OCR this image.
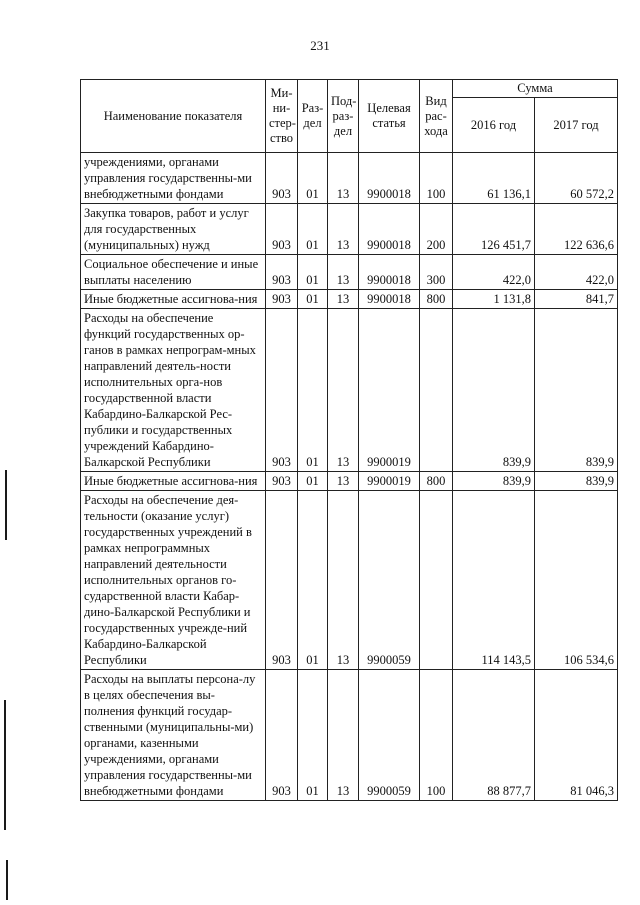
231
Наименование показателя	Ми-ни-стер-ство	Раз-дел	Под-раз-дел	Целевая статья	Вид рас-хода	Сумма	
						2016 год	2017 год
учреждениями, органами управления государственны-ми внебюджетными фондами	903	01	13	9900018	100	61 136,1	60 572,2
Закупка товаров, работ и услуг для государственных (муниципальных) нужд	903	01	13	9900018	200	126 451,7	122 636,6
Социальное обеспечение и иные выплаты населению	903	01	13	9900018	300	422,0	422,0
Иные бюджетные ассигнова-ния	903	01	13	9900018	800	1 131,8	841,7
Расходы на обеспечение функций государственных ор-ганов в рамках непрограм-мных направлений деятель-ности исполнительных орга-нов государственной власти Кабардино-Балкарской Рес-публики и государственных учреждений Кабардино-Балкарской Республики	903	01	13	9900019		839,9	839,9
Иные бюджетные ассигнова-ния	903	01	13	9900019	800	839,9	839,9
Расходы на обеспечение дея-тельности (оказание услуг) государственных учреждений в рамках непрограммных направлений деятельности исполнительных органов го-сударственной власти Кабар-дино-Балкарской Республики и государственных учрежде-ний Кабардино-Балкарской Республики	903	01	13	9900059		114 143,5	106 534,6
Расходы на выплаты персона-лу в целях обеспечения вы-полнения функций государ-ственными (муниципальны-ми) органами, казенными учреждениями, органами управления государственны-ми внебюджетными фондами	903	01	13	9900059	100	88 877,7	81 046,3
